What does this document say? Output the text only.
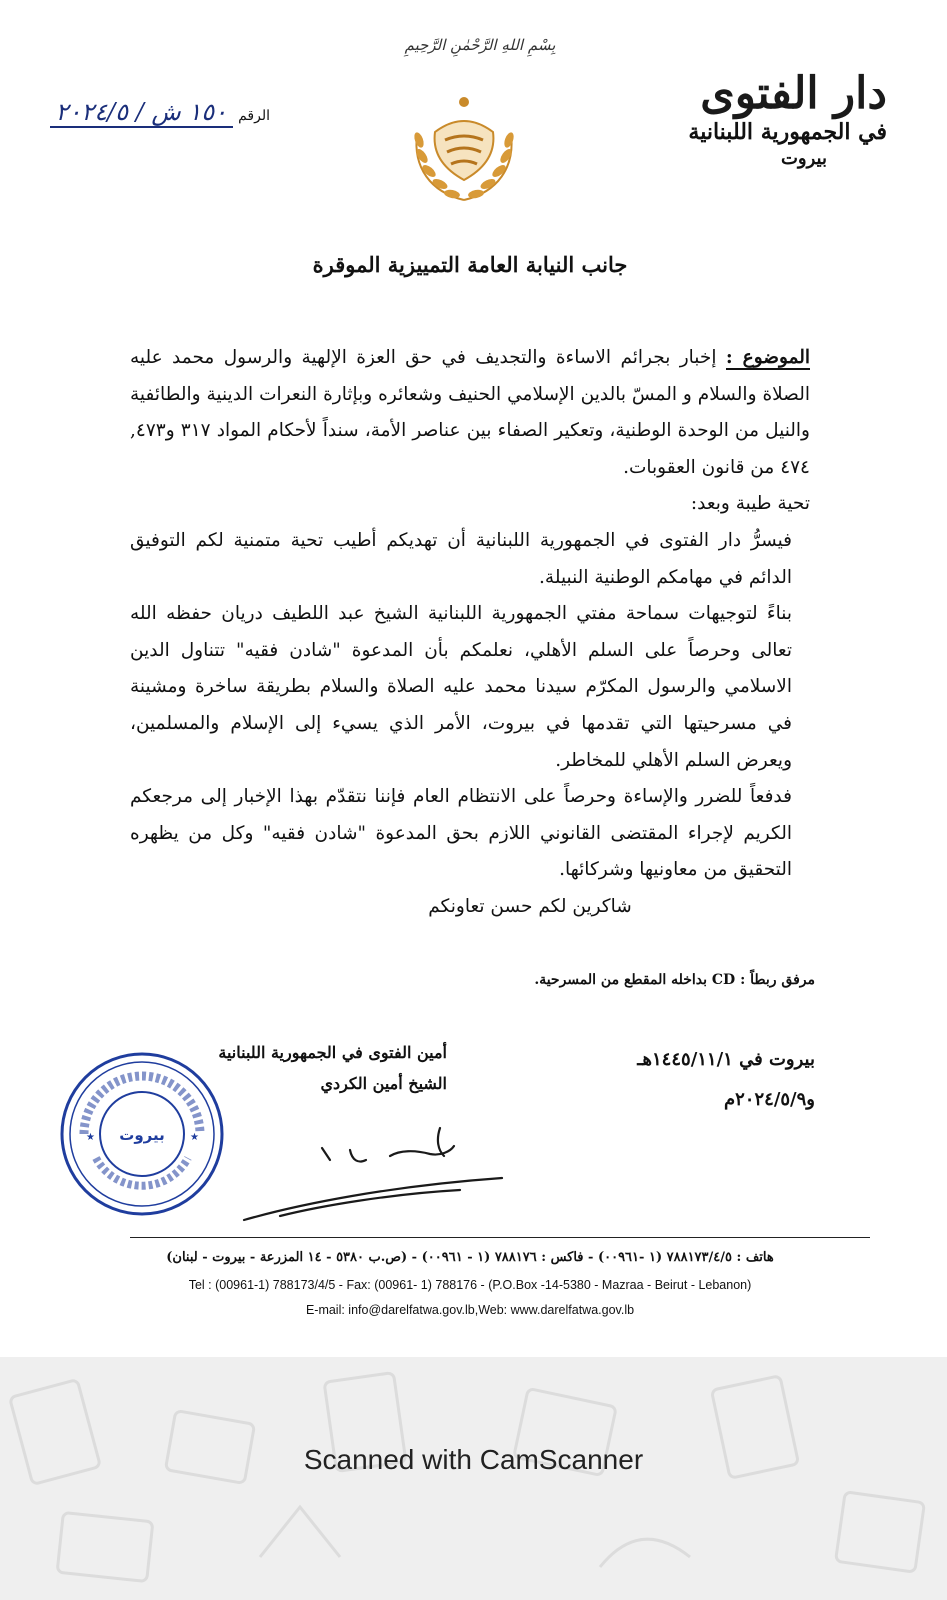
بِسْمِ اللهِ الرَّحْمٰنِ الرَّحِيمِ
دار الفتوى
في الجمهورية اللبنانية
بيروت
الرقم ١٥٠ ش / ٢٠٢٤/٥
جانب النيابة العامة التمييزية الموقرة
الموضوع : إخبار بجرائم الاساءة والتجديف في حق العزة الإلهية والرسول محمد عليه الصلاة والسلام و المسّ بالدين الإسلامي الحنيف وشعائره وبإثارة النعرات الدينية والطائفية والنيل من الوحدة الوطنية، وتعكير الصفاء بين عناصر الأمة، سنداً لأحكام المواد ٣١٧ و٤٧٣, ٤٧٤ من قانون العقوبات.
تحية طيبة وبعد:
فيسرُّ دار الفتوى في الجمهورية اللبنانية أن تهديكم أطيب تحية متمنية لكم التوفيق الدائم في مهامكم الوطنية النبيلة.
بناءً لتوجيهات سماحة مفتي الجمهورية اللبنانية الشيخ عبد اللطيف دريان حفظه الله تعالى وحرصاً على السلم الأهلي، نعلمكم بأن المدعوة "شادن فقيه" تتناول الدين الاسلامي والرسول المكرّم سيدنا محمد عليه الصلاة والسلام بطريقة ساخرة ومشينة في مسرحيتها التي تقدمها في بيروت، الأمر الذي يسيء إلى الإسلام والمسلمين، ويعرض السلم الأهلي للمخاطر.
فدفعاً للضرر والإساءة وحرصاً على الانتظام العام فإننا نتقدّم بهذا الإخبار إلى مرجعكم الكريم لإجراء المقتضى القانوني اللازم بحق المدعوة "شادن فقيه" وكل من يظهره التحقيق من معاونيها وشركائها.
شاكرين لكم حسن تعاونكم
مرفق ربطاً : CD بداخله المقطع من المسرحية.
بيروت في ١٤٤٥/١١/١هـ
و٢٠٢٤/٥/٩م
أمين الفتوى في الجمهورية اللبنانية
الشيخ أمين الكردي
★	★
بيروت
هاتف : ٧٨٨١٧٣/٤/٥ (١ -٠٠٩٦١) - فاكس : ٧٨٨١٧٦ (١ - ٠٠٩٦١) - (ص.ب ٥٣٨٠ - ١٤ المزرعة - بيروت - لبنان)
Tel : (00961-1) 788173/4/5 - Fax: (00961- 1) 788176 - (P.O.Box -14-5380 - Mazraa - Beirut - Lebanon)
E-mail: info@darelfatwa.gov.lb,Web: www.darelfatwa.gov.lb
Scanned with CamScanner
